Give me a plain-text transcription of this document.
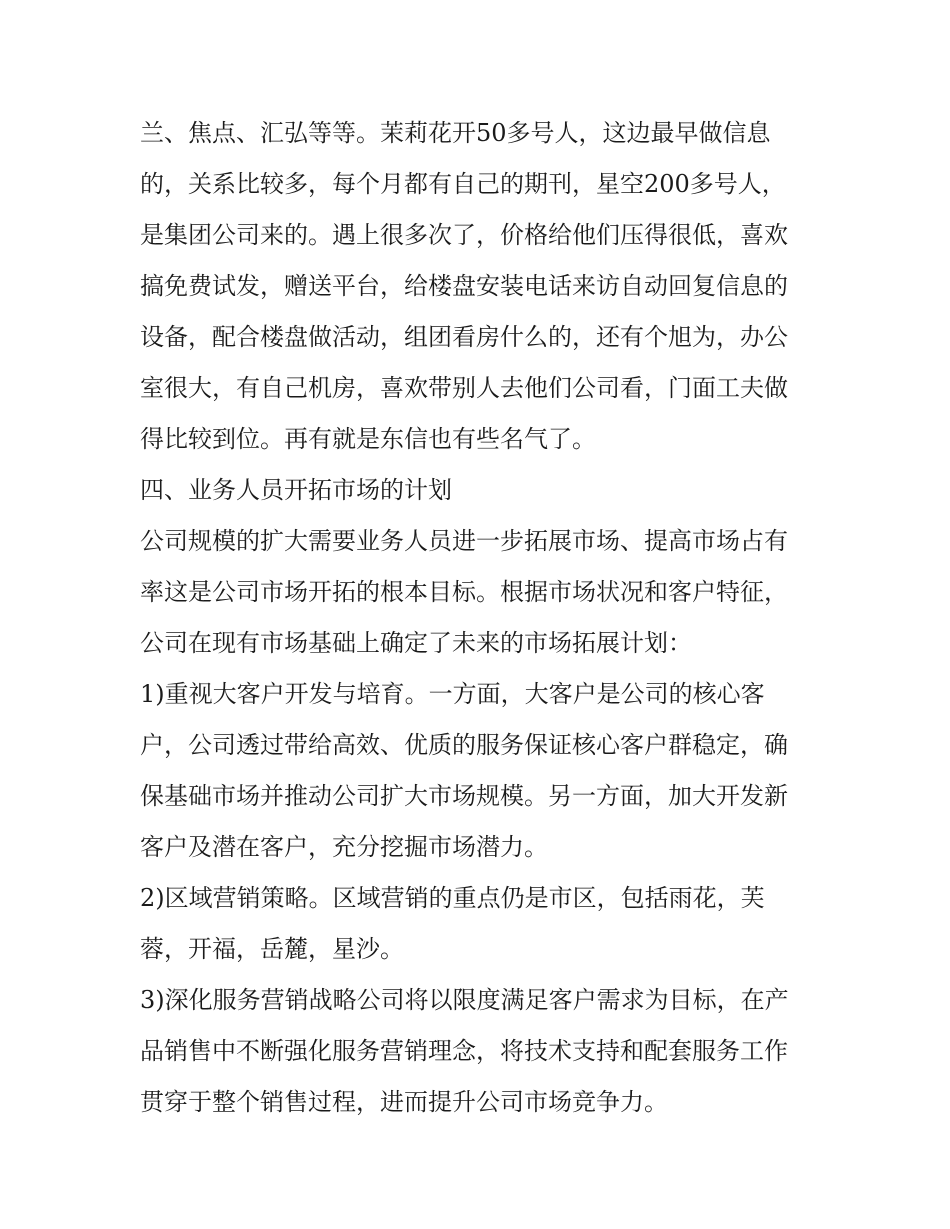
兰、焦点、汇弘等等。茉莉花开50多号人，这边最早做信息
的，关系比较多，每个月都有自己的期刊，星空200多号人，
是集团公司来的。遇上很多次了，价格给他们压得很低，喜欢
搞免费试发，赠送平台，给楼盘安装电话来访自动回复信息的
设备，配合楼盘做活动，组团看房什么的，还有个旭为，办公
室很大，有自己机房，喜欢带别人去他们公司看，门面工夫做
得比较到位。再有就是东信也有些名气了。
四、业务人员开拓市场的计划
公司规模的扩大需要业务人员进一步拓展市场、提高市场占有
率这是公司市场开拓的根本目标。根据市场状况和客户特征，
公司在现有市场基础上确定了未来的市场拓展计划：
1)重视大客户开发与培育。一方面，大客户是公司的核心客
户，公司透过带给高效、优质的服务保证核心客户群稳定，确
保基础市场并推动公司扩大市场规模。另一方面，加大开发新
客户及潜在客户，充分挖掘市场潜力。
2)区域营销策略。区域营销的重点仍是市区，包括雨花，芙
蓉，开福，岳麓，星沙。
3)深化服务营销战略公司将以限度满足客户需求为目标，在产
品销售中不断强化服务营销理念，将技术支持和配套服务工作
贯穿于整个销售过程，进而提升公司市场竞争力。
